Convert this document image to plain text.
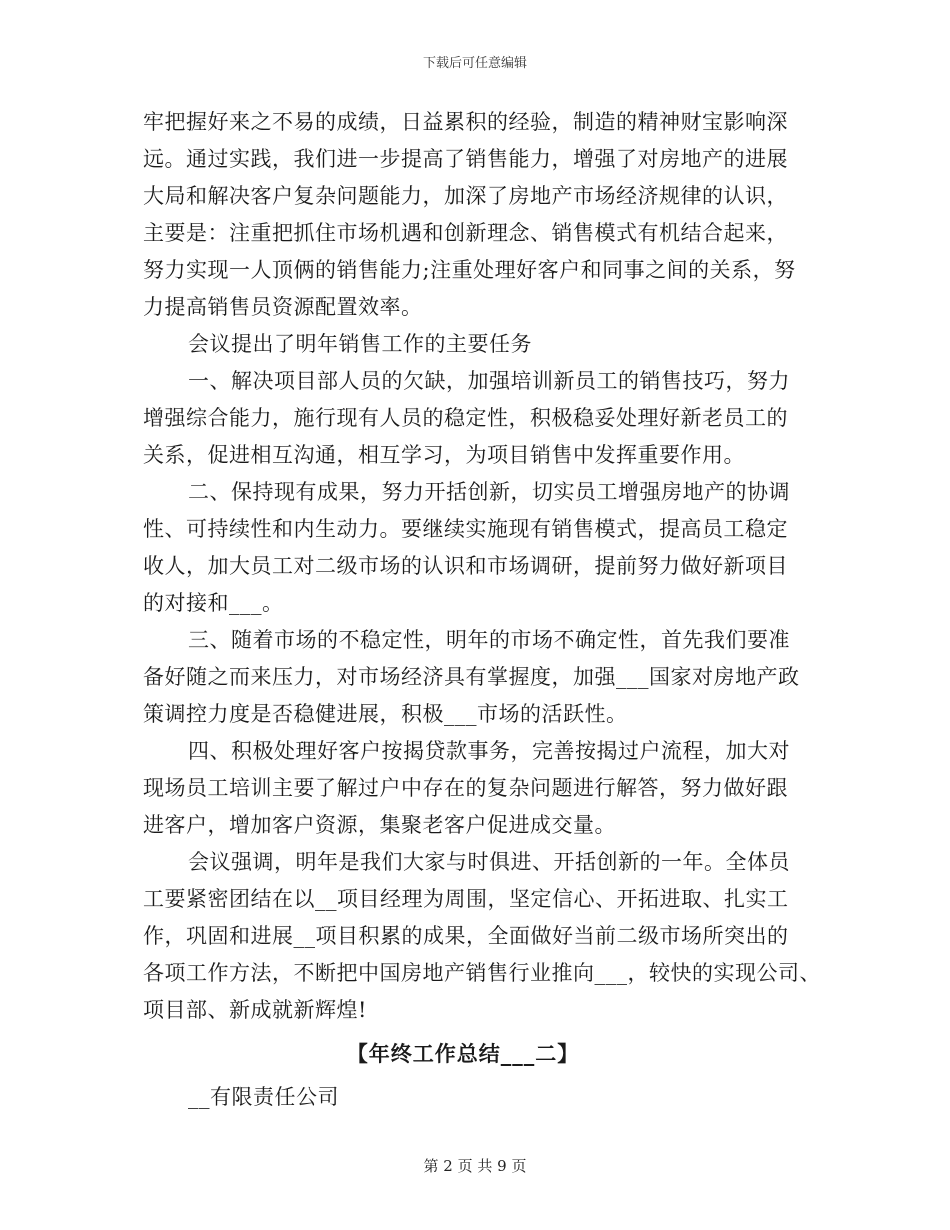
下载后可任意编辑
牢把握好来之不易的成绩，日益累积的经验，制造的精神财宝影响深
远。通过实践，我们进一步提高了销售能力，增强了对房地产的进展
大局和解决客户复杂问题能力，加深了房地产市场经济规律的认识，
主要是：注重把抓住市场机遇和创新理念、销售模式有机结合起来，
努力实现一人顶俩的销售能力;注重处理好客户和同事之间的关系，努
力提高销售员资源配置效率。
会议提出了明年销售工作的主要任务
一、解决项目部人员的欠缺，加强培训新员工的销售技巧，努力
增强综合能力，施行现有人员的稳定性，积极稳妥处理好新老员工的
关系，促进相互沟通，相互学习，为项目销售中发挥重要作用。
二、保持现有成果，努力开括创新，切实员工增强房地产的协调
性、可持续性和内生动力。要继续实施现有销售模式，提高员工稳定
收人，加大员工对二级市场的认识和市场调研，提前努力做好新项目
的对接和___。
三、随着市场的不稳定性，明年的市场不确定性，首先我们要准
备好随之而来压力，对市场经济具有掌握度，加强___国家对房地产政
策调控力度是否稳健进展，积极___市场的活跃性。
四、积极处理好客户按揭贷款事务，完善按揭过户流程，加大对
现场员工培训主要了解过户中存在的复杂问题进行解答，努力做好跟
进客户，增加客户资源，集聚老客户促进成交量。
会议强调，明年是我们大家与时俱进、开括创新的一年。全体员
工要紧密团结在以__项目经理为周围，坚定信心、开拓进取、扎实工
作，巩固和进展__项目积累的成果，全面做好当前二级市场所突出的
各项工作方法，不断把中国房地产销售行业推向___，较快的实现公司、
项目部、新成就新辉煌!
【年终工作总结___二】
__有限责任公司
第 2 页 共 9 页
